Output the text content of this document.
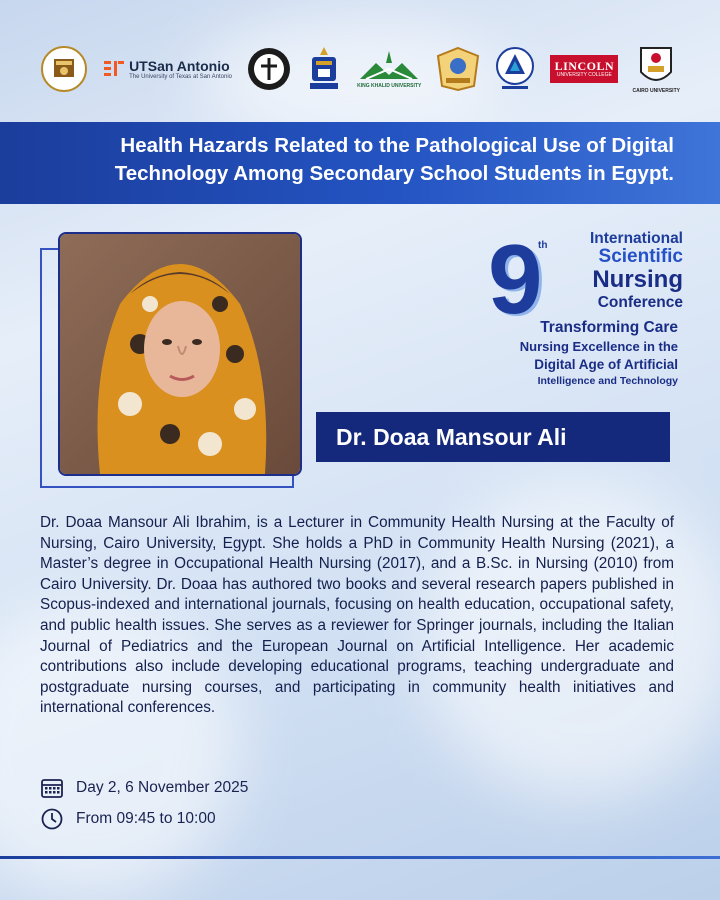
UTSan Antonio
The University of Texas at San Antonio
KING KHALID UNIVERSITY
LINCOLN
UNIVERSITY COLLEGE
CAIRO UNIVERSITY
Health Hazards Related to the Pathological Use of Digital Technology Among Secondary School Students in Egypt.
9
th	International
Scientific
Nursing
Conference
Transforming Care
Nursing Excellence in the
Digital Age of Artificial
Intelligence and Technology
Dr. Doaa Mansour Ali
Dr. Doaa Mansour Ali Ibrahim, is a Lecturer in Community Health Nursing at the Faculty of Nursing, Cairo University, Egypt. She holds a PhD in Community Health Nursing (2021), a Master’s degree in Occupational Health Nursing (2017), and a B.Sc. in Nursing (2010) from Cairo University. Dr. Doaa has authored two books and several research papers published in Scopus-indexed and international journals, focusing on health education, occupational safety, and public health issues. She serves as a reviewer for Springer journals, including the Italian Journal of Pediatrics and the European Journal on Artificial Intelligence. Her academic contributions also include developing educational programs, teaching undergraduate and postgraduate nursing courses, and participating in community health initiatives and international conferences.
Day 2, 6 November 2025
From 09:45 to 10:00
